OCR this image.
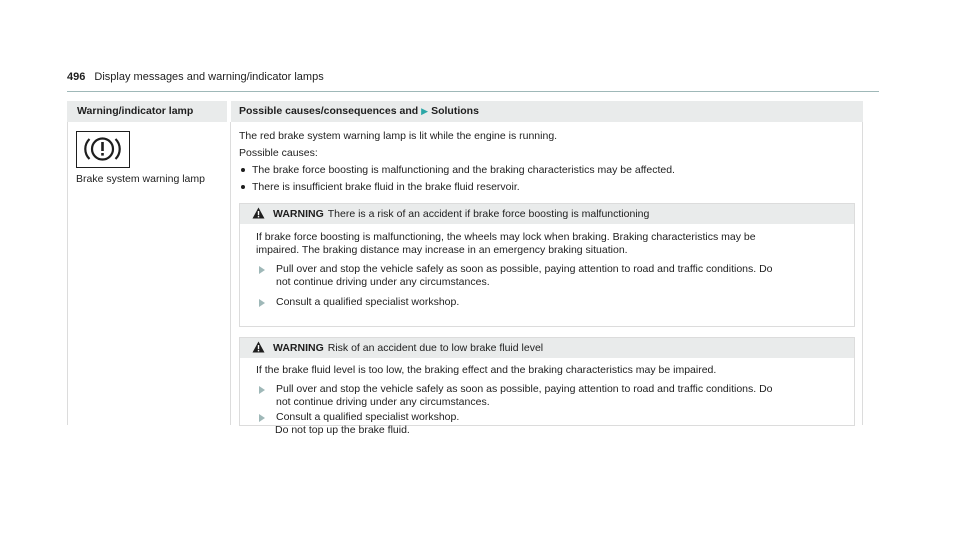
496 Display messages and warning/indicator lamps
Warning/indicator lamp	Possible causes/consequences and ▶ Solutions
Brake system warning lamp
The red brake system warning lamp is lit while the engine is running.
Possible causes:
The brake force boosting is malfunctioning and the braking characteristics may be affected.
There is insufficient brake fluid in the brake fluid reservoir.
WARNING There is a risk of an accident if brake force boosting is malfunctioning
If brake force boosting is malfunctioning, the wheels may lock when braking. Braking characteristics may be
impaired. The braking distance may increase in an emergency braking situation.
Pull over and stop the vehicle safely as soon as possible, paying attention to road and traffic conditions. Do
not continue driving under any circumstances.
Consult a qualified specialist workshop.
WARNING Risk of an accident due to low brake fluid level
If the brake fluid level is too low, the braking effect and the braking characteristics may be impaired.
Pull over and stop the vehicle safely as soon as possible, paying attention to road and traffic conditions. Do
not continue driving under any circumstances.
Consult a qualified specialist workshop.
Do not top up the brake fluid.
